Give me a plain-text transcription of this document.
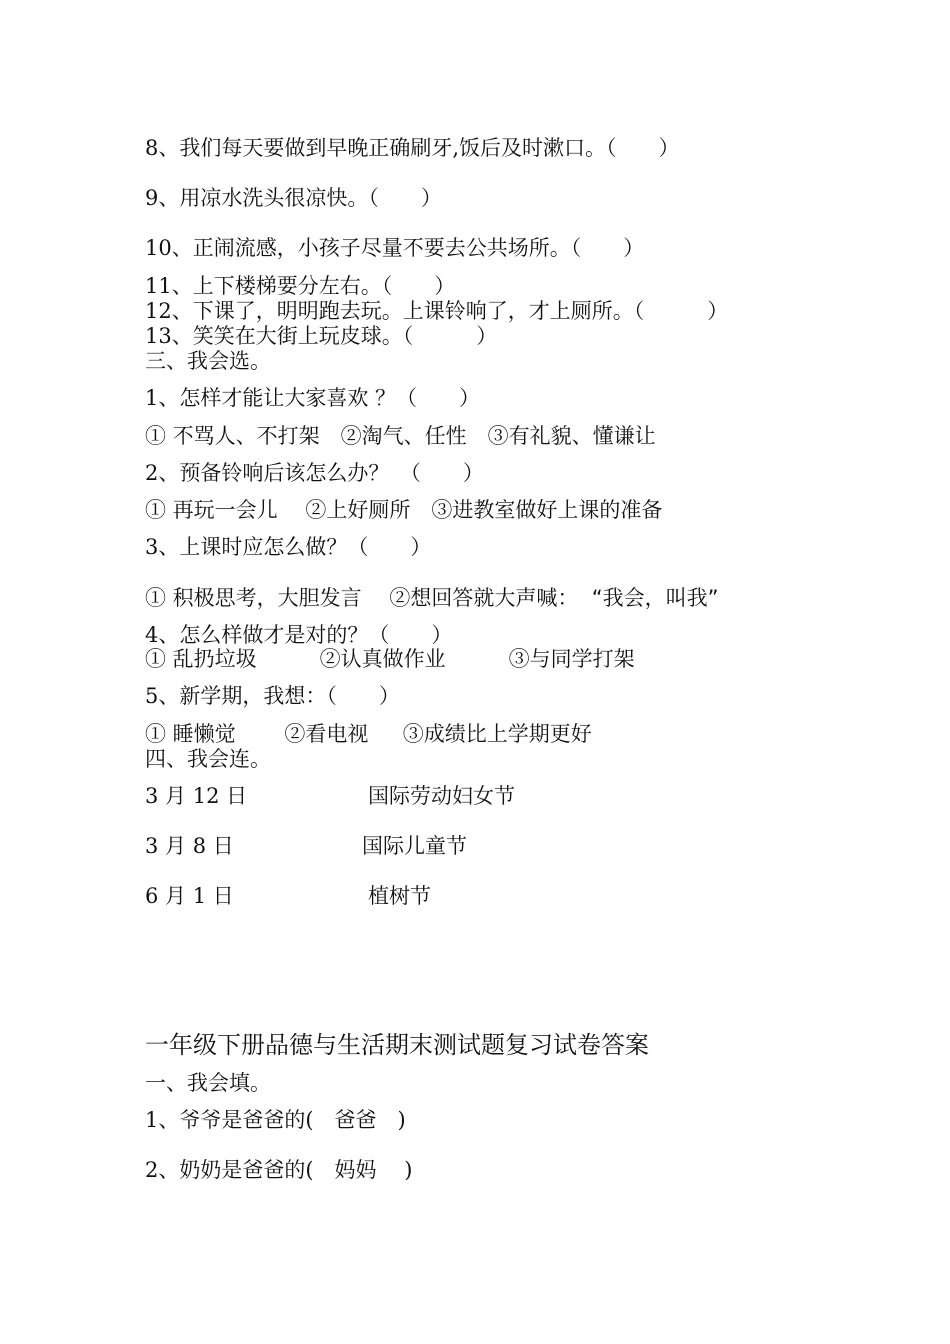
8、我们每天要做到早晚正确刷牙,饭后及时漱口。（　　）
9、用凉水洗头很凉快。（　　）
10、正闹流感，小孩子尽量不要去公共场所。（　　）
11、上下楼梯要分左右。（　　）
12、下课了，明明跑去玩。上课铃响了，才上厕所。（　　　）
13、笑笑在大街上玩皮球。（　　　）
三、我会选。
1、怎样才能让大家喜欢 ？（　　）
① 不骂人、不打架　②淘气、任性　③有礼貌、懂谦让
2、预备铃响后该怎么办？　（　　）
① 再玩一会儿　 ②上好厕所　③进教室做好上课的准备
3、上课时应怎么做？（　　）
① 积极思考，大胆发言 　②想回答就大声喊：  “我会，叫我”
4、怎么样做才是对的？（　　）
① 乱扔垃圾　　　②认真做作业　　　③与同学打架
5、新学期，我想：（　　）
① 睡懒觉　　 ②看电视 　 ③成绩比上学期更好
四、我会连。
3 月 12 日	国际劳动妇女节
3 月 8 日	国际儿童节
6 月 1 日	植树节
一年级下册品德与生活期末测试题复习试卷答案
一、我会填。
1、爷爷是爸爸的(　爸爸　)
2、奶奶是爸爸的(　妈妈　 )
